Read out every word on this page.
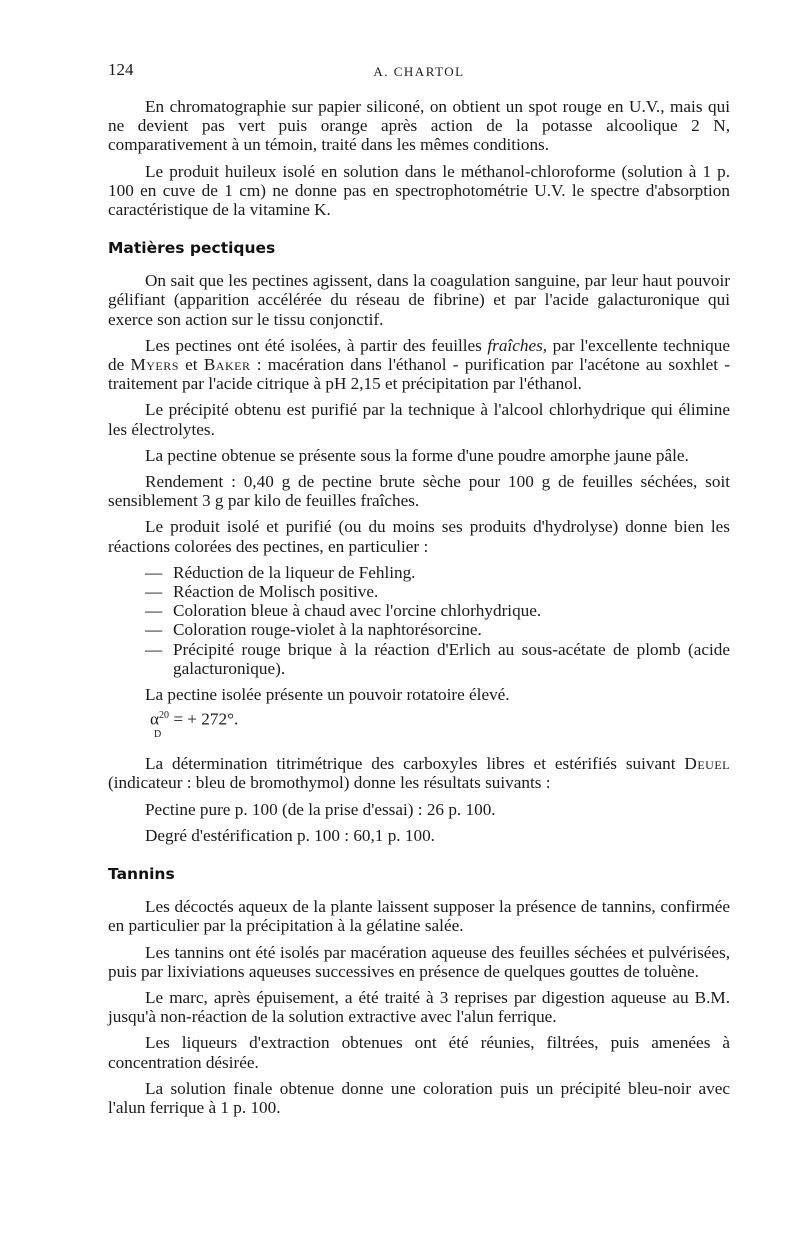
124	A. CHARTOL

En chromatographie sur papier siliconé, on obtient un spot rouge en U.V., mais qui ne devient pas vert puis orange après action de la potasse alcoolique 2 N, comparativement à un témoin, traité dans les mêmes conditions.

Le produit huileux isolé en solution dans le méthanol-chloroforme (solution à 1 p. 100 en cuve de 1 cm) ne donne pas en spectrophotométrie U.V. le spectre d'absorption caractéristique de la vitamine K.

Matières pectiques

On sait que les pectines agissent, dans la coagulation sanguine, par leur haut pouvoir gélifiant (apparition accélérée du réseau de fibrine) et par l'acide galacturonique qui exerce son action sur le tissu conjonctif.

Les pectines ont été isolées, à partir des feuilles fraîches, par l'excellente technique de Myers et Baker : macération dans l'éthanol - purification par l'acétone au soxhlet - traitement par l'acide citrique à pH 2,15 et précipitation par l'éthanol.

Le précipité obtenu est purifié par la technique à l'alcool chlorhydrique qui élimine les électrolytes.

La pectine obtenue se présente sous la forme d'une poudre amorphe jaune pâle.

Rendement : 0,40 g de pectine brute sèche pour 100 g de feuilles séchées, soit sensiblement 3 g par kilo de feuilles fraîches.

Le produit isolé et purifié (ou du moins ses produits d'hydrolyse) donne bien les réactions colorées des pectines, en particulier :

— Réduction de la liqueur de Fehling.
— Réaction de Molisch positive.
— Coloration bleue à chaud avec l'orcine chlorhydrique.
— Coloration rouge-violet à la naphtorésorcine.
— Précipité rouge brique à la réaction d'Erlich au sous-acétate de plomb (acide galacturonique).

La pectine isolée présente un pouvoir rotatoire élevé.

$\alpha^{20}$ = + 272°.
D

La détermination titrimétrique des carboxyles libres et estérifiés suivant Deuel (indicateur : bleu de bromothymol) donne les résultats suivants :

Pectine pure p. 100 (de la prise d'essai) : 26 p. 100.

Degré d'estérification p. 100 : 60,1 p. 100.

Tannins

Les décoctés aqueux de la plante laissent supposer la présence de tannins, confirmée en particulier par la précipitation à la gélatine salée.

Les tannins ont été isolés par macération aqueuse des feuilles séchées et pulvérisées, puis par lixiviations aqueuses successives en présence de quelques gouttes de toluène.

Le marc, après épuisement, a été traité à 3 reprises par digestion aqueuse au B.M. jusqu'à non-réaction de la solution extractive avec l'alun ferrique.

Les liqueurs d'extraction obtenues ont été réunies, filtrées, puis amenées à concentration désirée.

La solution finale obtenue donne une coloration puis un précipité bleu-noir avec l'alun ferrique à 1 p. 100.
